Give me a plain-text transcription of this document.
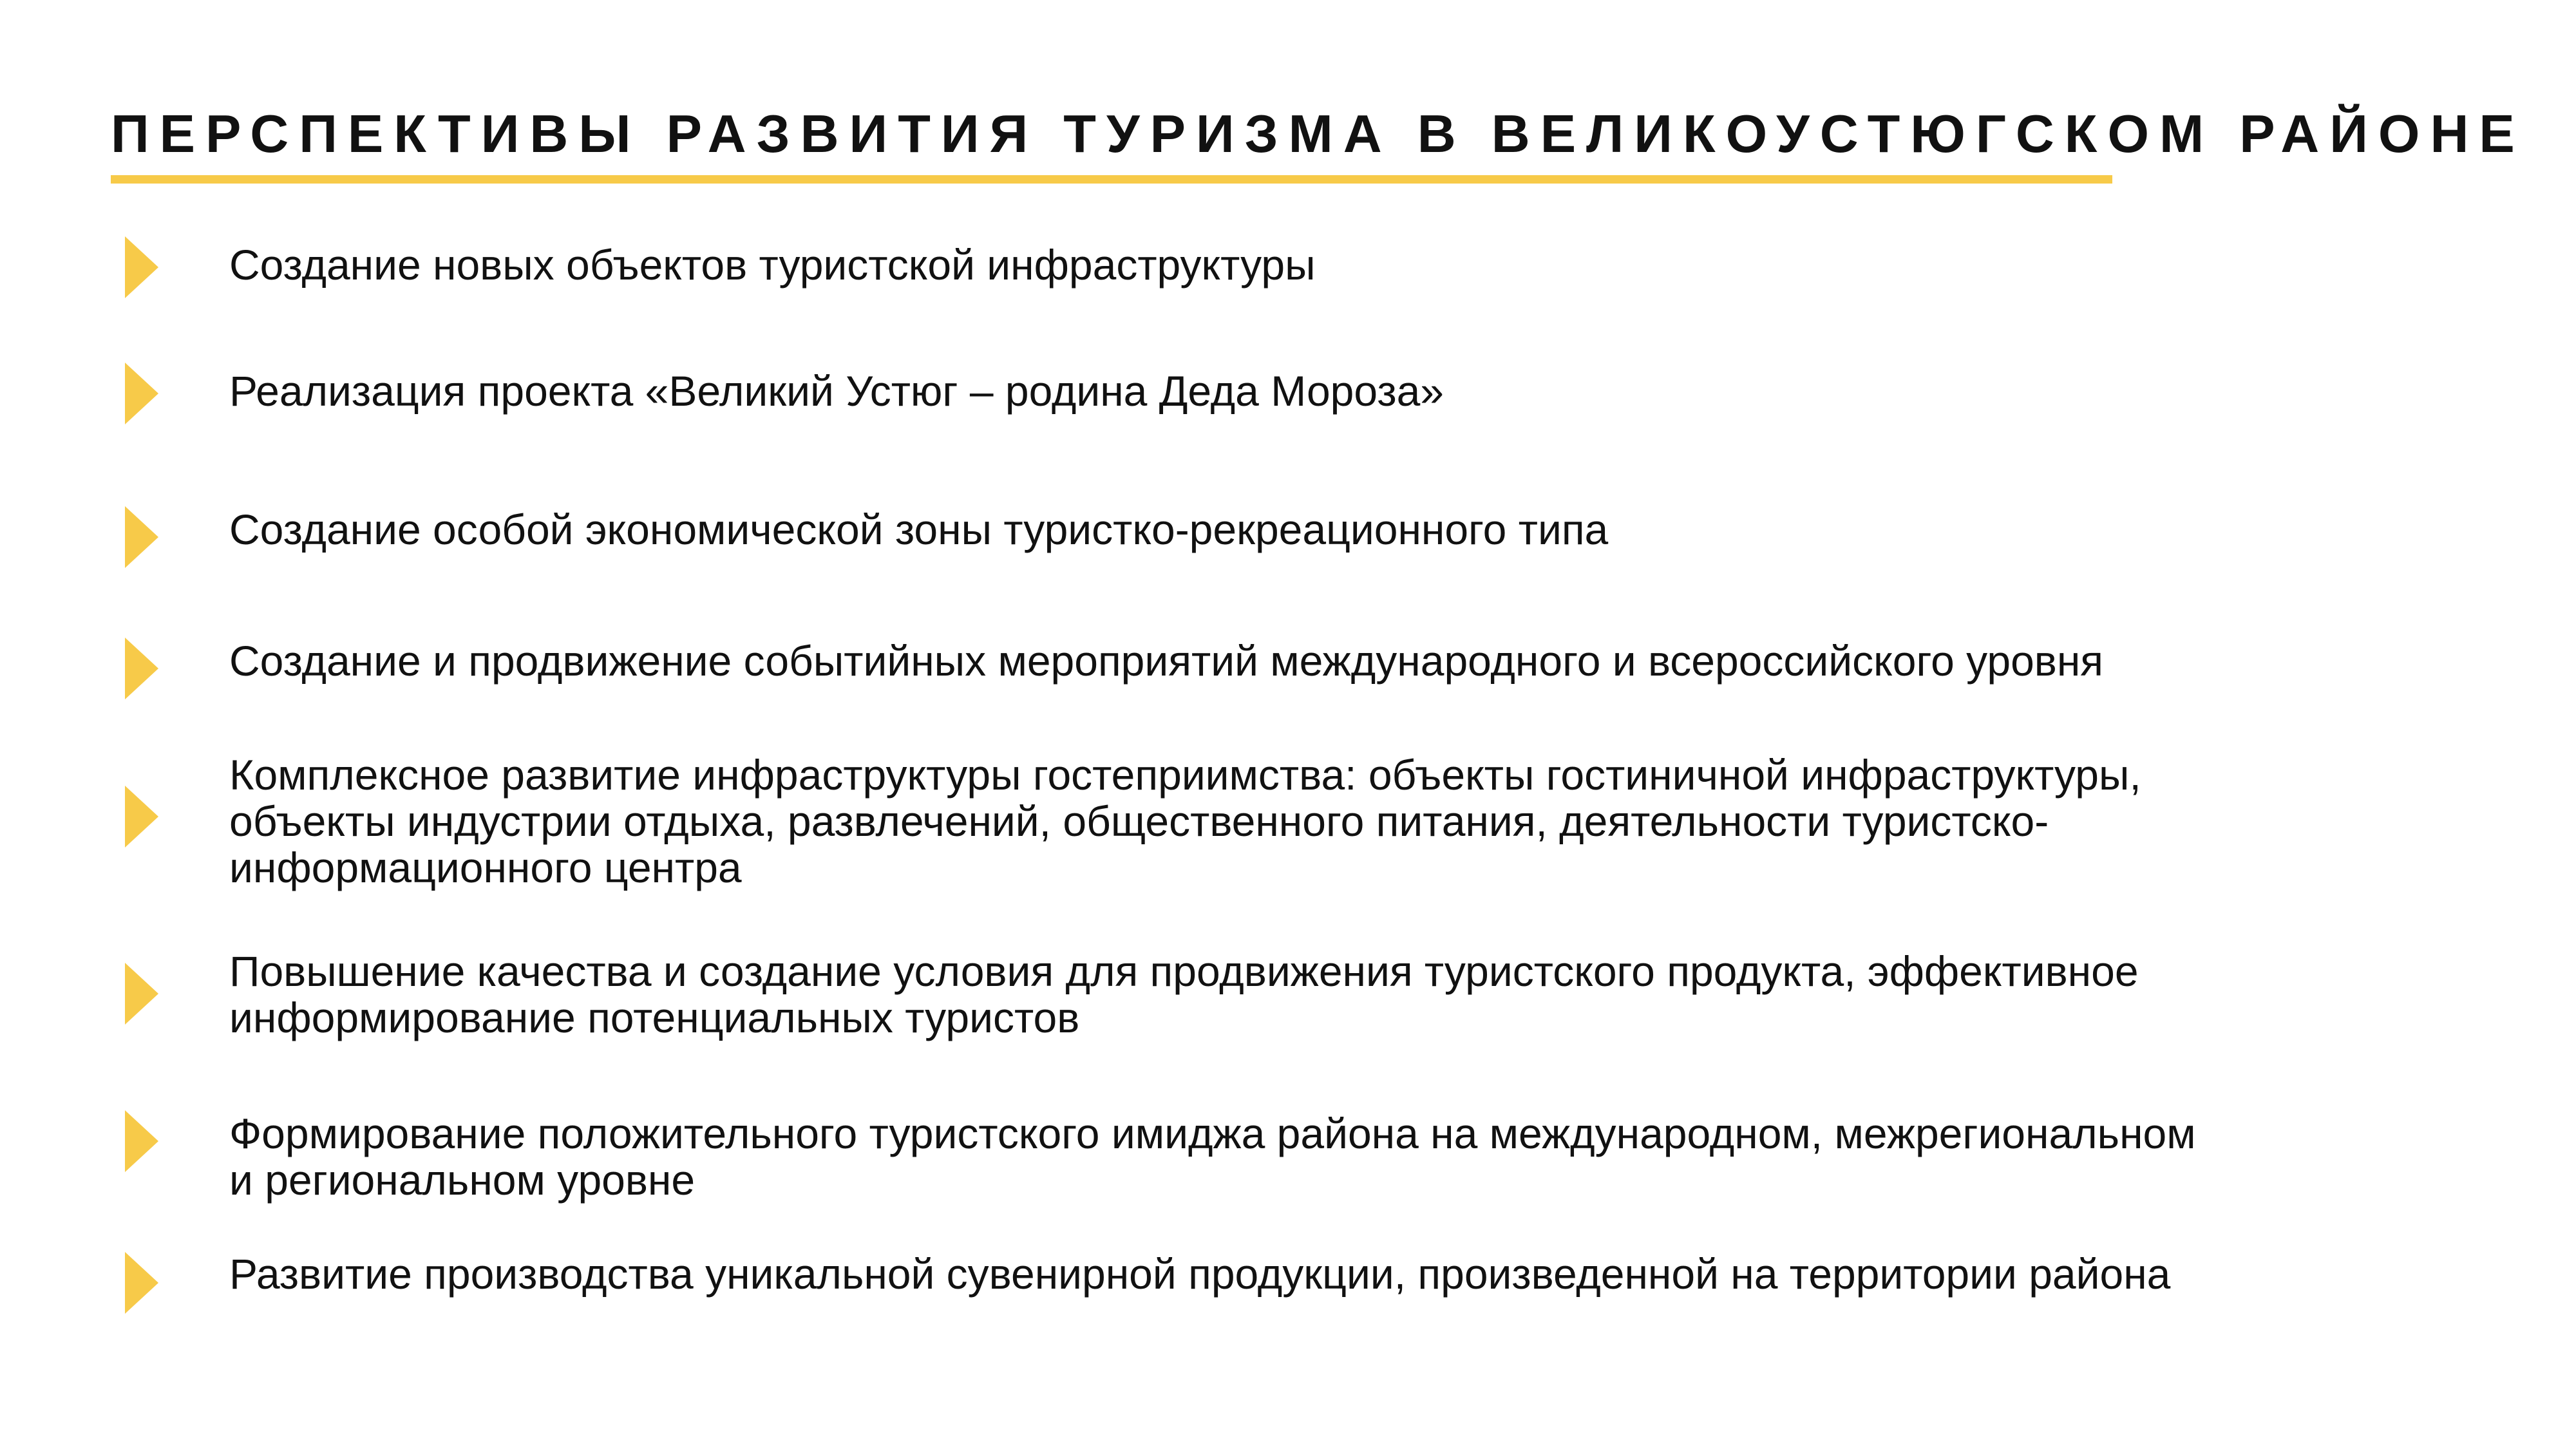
ПЕРСПЕКТИВЫ РАЗВИТИЯ ТУРИЗМА В ВЕЛИКОУСТЮГСКОМ РАЙОНЕ

Создание новых объектов туристской инфраструктуры

Реализация проекта «Великий Устюг – родина Деда Мороза»

Создание особой экономической зоны туристко-рекреационного типа

Создание и продвижение событийных мероприятий международного и всероссийского уровня

Комплексное развитие инфраструктуры гостеприимства: объекты гостиничной инфраструктуры,
объекты индустрии отдыха, развлечений, общественного питания, деятельности туристско-
информационного центра

Повышение качества и создание условия для продвижения туристского продукта, эффективное
информирование потенциальных туристов

Формирование положительного туристского имиджа района на международном, межрегиональном
и региональном уровне

Развитие производства уникальной сувенирной продукции, произведенной на территории района
